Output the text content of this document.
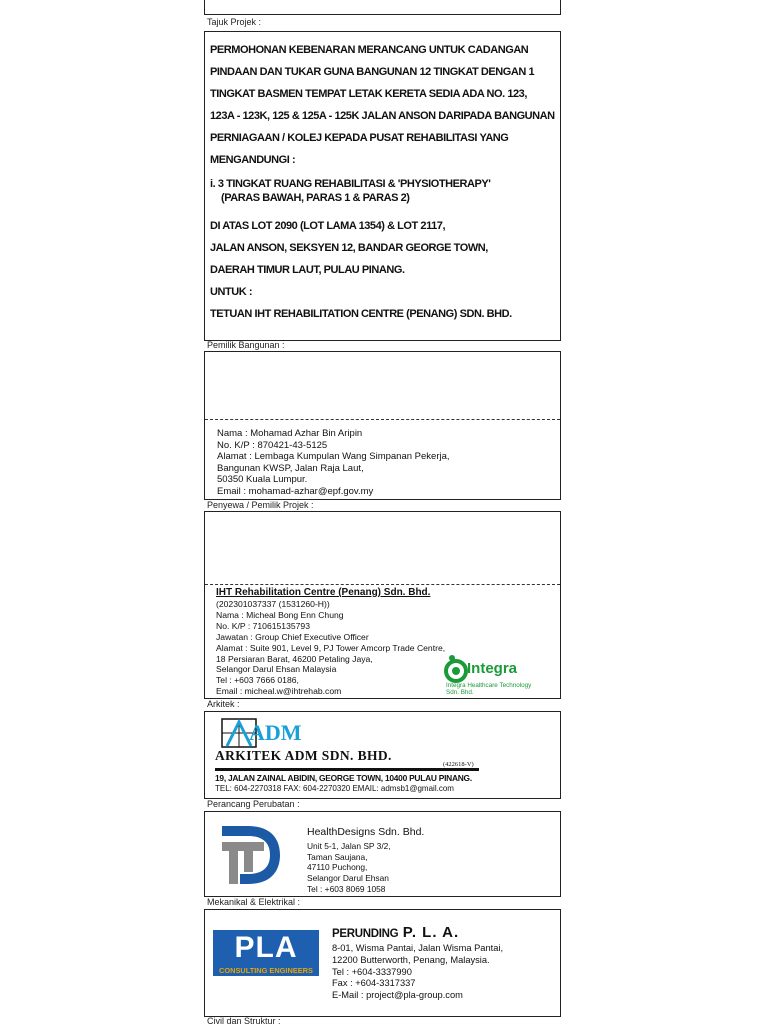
Tajuk Projek :
PERMOHONAN KEBENARAN MERANCANG UNTUK CADANGAN
PINDAAN DAN TUKAR GUNA BANGUNAN 12 TINGKAT DENGAN 1
TINGKAT BASMEN TEMPAT LETAK KERETA SEDIA ADA NO. 123,
123A - 123K, 125 & 125A - 125K JALAN ANSON DARIPADA BANGUNAN
PERNIAGAAN / KOLEJ KEPADA PUSAT REHABILITASI YANG
MENGANDUNGI :
i. 3 TINGKAT RUANG REHABILITASI & 'PHYSIOTHERAPY'
(PARAS BAWAH, PARAS 1 & PARAS 2)
DI ATAS LOT 2090 (LOT LAMA 1354) & LOT 2117,
JALAN ANSON, SEKSYEN 12, BANDAR GEORGE TOWN,
DAERAH TIMUR LAUT, PULAU PINANG.
UNTUK :
TETUAN IHT REHABILITATION CENTRE (PENANG) SDN. BHD.
Pemilik Bangunan :
Nama : Mohamad Azhar Bin Aripin
No. K/P : 870421-43-5125
Alamat : Lembaga Kumpulan Wang Simpanan Pekerja,
Bangunan KWSP, Jalan Raja Laut,
50350 Kuala Lumpur.
Email : mohamad-azhar@epf.gov.my
Penyewa / Pemilik Projek :
IHT Rehabilitation Centre (Penang) Sdn. Bhd.
(202301037337 (1531260-H))
Nama : Micheal Bong Enn Chung
No. K/P : 710615135793
Jawatan : Group Chief Executive Officer
Alamat : Suite 901, Level 9, PJ Tower Amcorp Trade Centre,
18 Persiaran Barat, 46200 Petaling Jaya,
Selangor Darul Ehsan Malaysia
Tel : +603 7666 0186,
Email : micheal.w@ihtrehab.com
Integra
Integra Healthcare Technology
Sdn. Bhd.
Arkitek :
ADM
ARKITEK ADM SDN. BHD.
(422618-V)
19, JALAN ZAINAL ABIDIN, GEORGE TOWN, 10400 PULAU PINANG.
TEL: 604-2270318 FAX: 604-2270320 EMAIL: admsb1@gmail.com
Perancang Perubatan :
HealthDesigns Sdn. Bhd.
Unit 5-1, Jalan SP 3/2,
Taman Saujana,
47110 Puchong,
Selangor Darul Ehsan
Tel : +603 8069 1058
Mekanikal & Elektrikal :
PLA
CONSULTING ENGINEERS
PERUNDING P. L. A.
8-01, Wisma Pantai, Jalan Wisma Pantai,
12200 Butterworth, Penang, Malaysia.
Tel : +604-3337990
Fax : +604-3317337
E-Mail : project@pla-group.com
Civil dan Struktur :
